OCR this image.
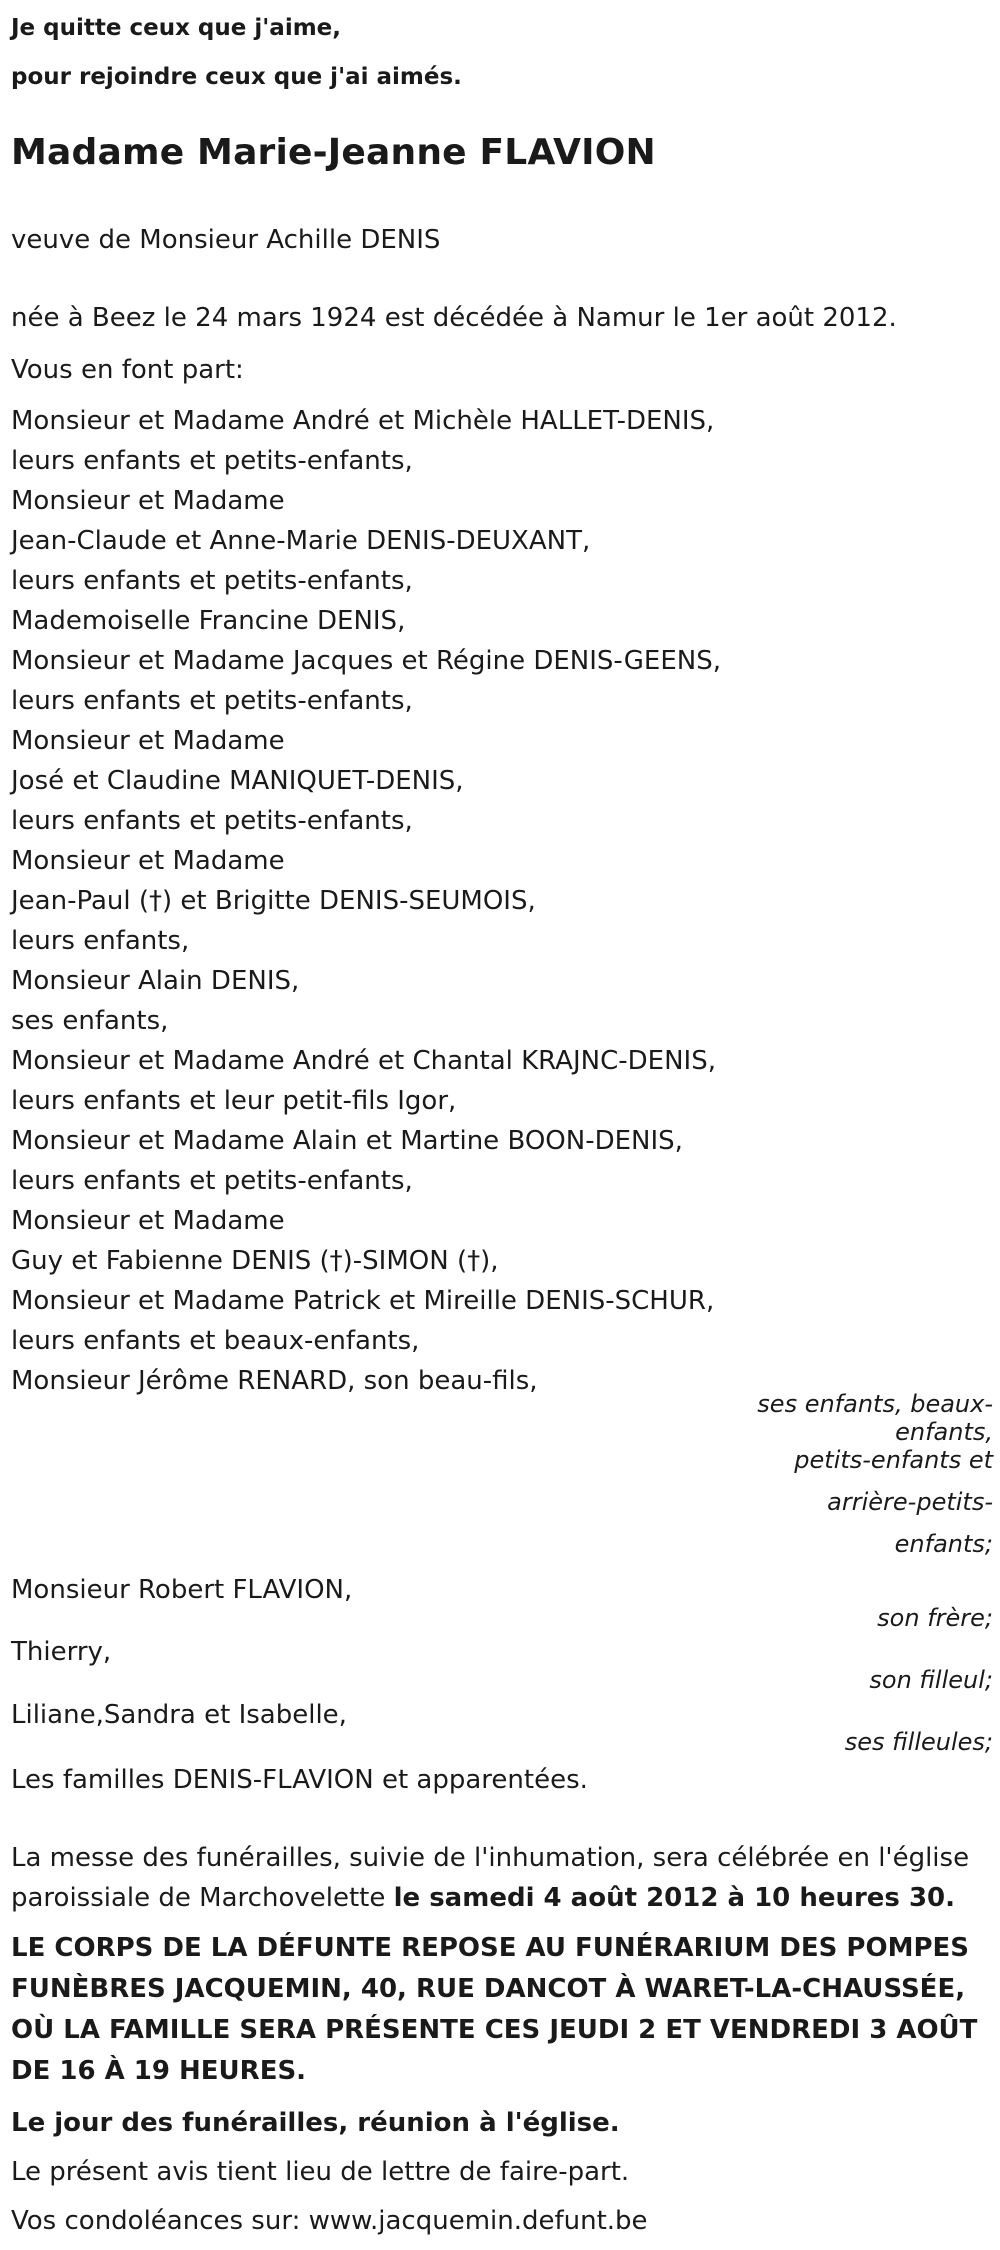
Je quitte ceux que j'aime,

pour rejoindre ceux que j'ai aimés.

Madame Marie-Jeanne FLAVION

veuve de Monsieur Achille DENIS

née à Beez le 24 mars 1924 est décédée à Namur le 1er août 2012.

Vous en font part:

Monsieur et Madame André et Michèle HALLET-DENIS,
leurs enfants et petits-enfants,
Monsieur et Madame
Jean-Claude et Anne-Marie DENIS-DEUXANT,
leurs enfants et petits-enfants,
Mademoiselle Francine DENIS,
Monsieur et Madame Jacques et Régine DENIS-GEENS,
leurs enfants et petits-enfants,
Monsieur et Madame
José et Claudine MANIQUET-DENIS,
leurs enfants et petits-enfants,
Monsieur et Madame
Jean-Paul (†) et Brigitte DENIS-SEUMOIS,
leurs enfants,
Monsieur Alain DENIS,
ses enfants,
Monsieur et Madame André et Chantal KRAJNC-DENIS,
leurs enfants et leur petit-fils Igor,
Monsieur et Madame Alain et Martine BOON-DENIS,
leurs enfants et petits-enfants,
Monsieur et Madame
Guy et Fabienne DENIS (†)-SIMON (†),
Monsieur et Madame Patrick et Mireille DENIS-SCHUR,
leurs enfants et beaux-enfants,
Monsieur Jérôme RENARD, son beau-fils,
ses enfants, beaux-
enfants,
petits-enfants et
arrière-petits-
enfants;

Monsieur Robert FLAVION,

son frère;

Thierry,

son filleul;

Liliane,Sandra et Isabelle,

ses filleules;

Les familles DENIS-FLAVION et apparentées.

La messe des funérailles, suivie de l'inhumation, sera célébrée en l'église paroissiale de Marchovelette le samedi 4 août 2012 à 10 heures 30.

LE CORPS DE LA DÉFUNTE REPOSE AU FUNÉRARIUM DES POMPES FUNÈBRES JACQUEMIN, 40, RUE DANCOT À WARET-LA-CHAUSSÉE, OÙ LA FAMILLE SERA PRÉSENTE CES JEUDI 2 ET VENDREDI 3 AOÛT DE 16 À 19 HEURES.

Le jour des funérailles, réunion à l'église.

Le présent avis tient lieu de lettre de faire-part.

Vos condoléances sur: www.jacquemin.defunt.be
